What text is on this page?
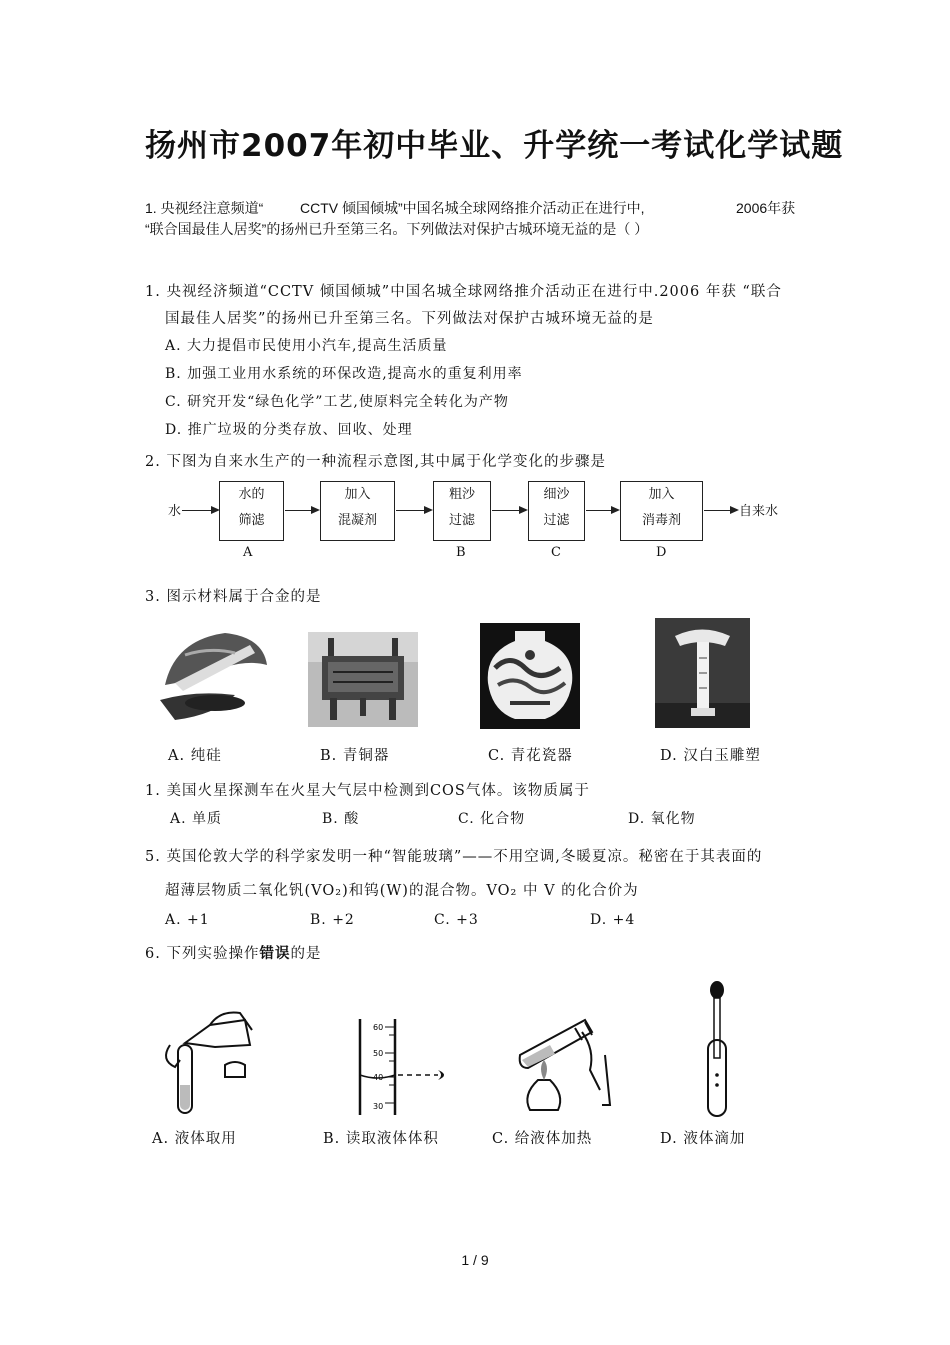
扬州市2007年初中毕业、升学统一考试化学试题
1. 央视经注意频道“	CCTV 倾国倾城”中国名城全球网络推介活动正在进行中,	2006年获
“联合国最佳人居奖”的扬州已升至第三名。下列做法对保护古城环境无益的是（ ）
1. 央视经济频道“CCTV 倾国倾城”中国名城全球网络推介活动正在进行中.2006 年获 “联合
国最佳人居奖”的扬州已升至第三名。下列做法对保护古城环境无益的是
A. 大力提倡市民使用小汽车,提高生活质量
B. 加强工业用水系统的环保改造,提高水的重复利用率
C. 研究开发“绿色化学”工艺,使原料完全转化为产物
D. 推广垃圾的分类存放、回收、处理
2. 下图为自来水生产的一种流程示意图,其中属于化学变化的步骤是
水
水的
筛滤
A
加入
混凝剂
粗沙
过滤
B
细沙
过滤
C
加入
消毒剂
D
自来水
3. 图示材料属于合金的是
A. 纯硅	B. 青铜器	C. 青花瓷器	D. 汉白玉雕塑
1. 美国火星探测车在火星大气层中检测到COS气体。该物质属于
A. 单质	B. 酸	C. 化合物	D. 氧化物
5. 英国伦敦大学的科学家发明一种“智能玻璃”——不用空调,冬暖夏凉。秘密在于其表面的
超薄层物质二氧化钒(VO₂)和钨(W)的混合物。VO₂ 中 V 的化合价为
A. +1	B. +2	C. +3	D. +4
6. 下列实验操作错误的是
60
50
40
30
A. 液体取用	B. 读取液体体积	C. 给液体加热	D. 液体滴加
1 / 9
